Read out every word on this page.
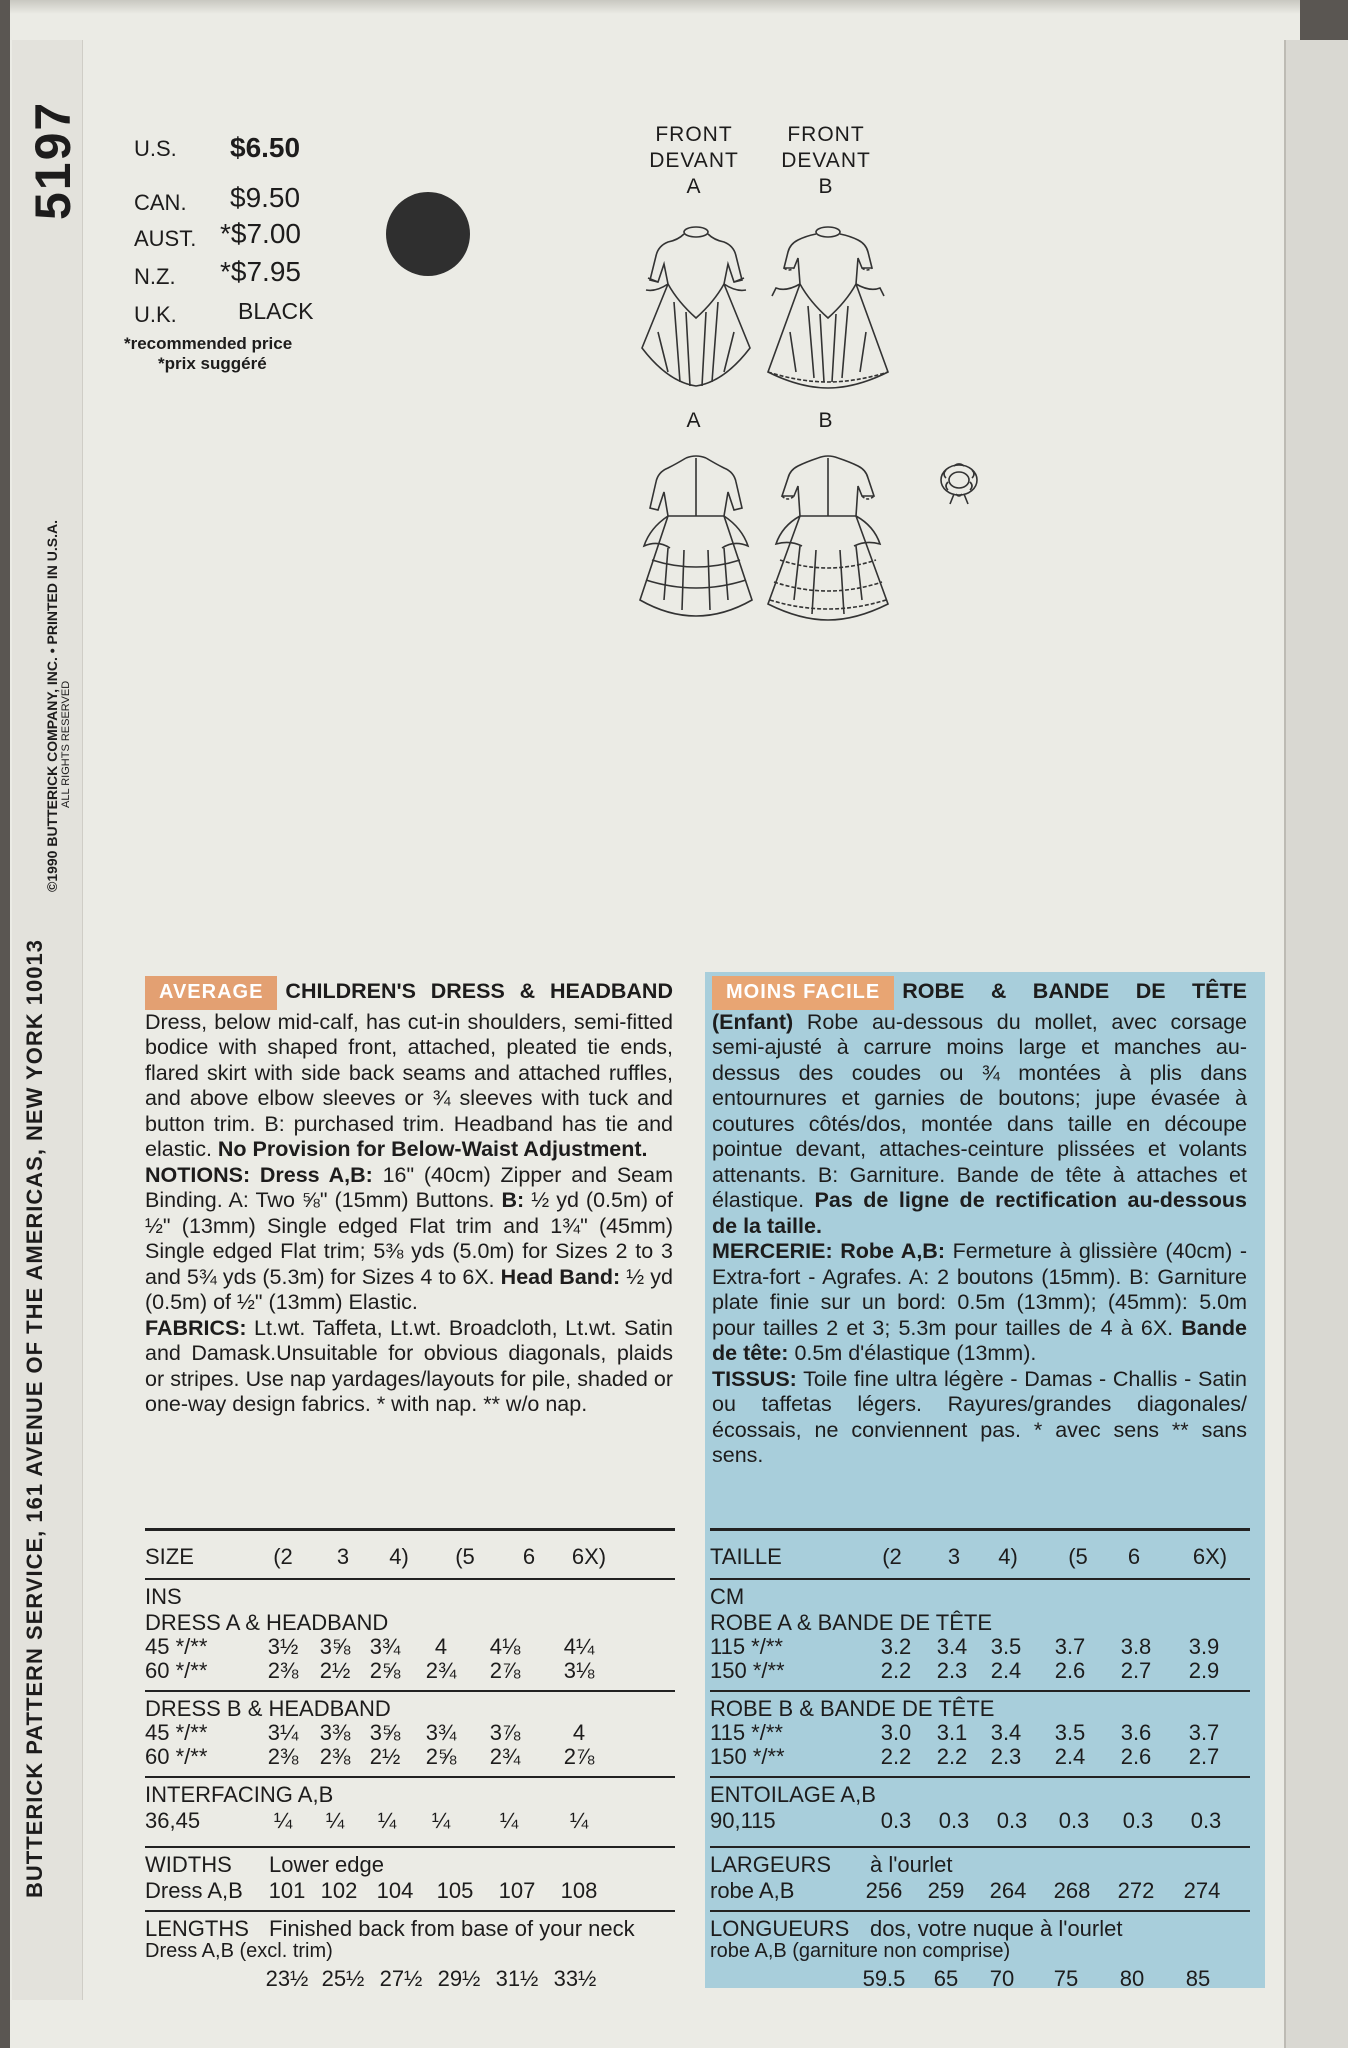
5197
BUTTERICK PATTERN SERVICE, 161 AVENUE OF THE AMERICAS, NEW YORK 10013
©1990 BUTTERICK COMPANY, INC. • PRINTED IN U.S.A. ALL RIGHTS RESERVED
U.S. $6.50
CAN. $9.50
AUST. *$7.00
N.Z. *$7.95
U.K.	BLACK
*recommended price
*prix suggéré
FRONT
DEVANT
A
FRONT
DEVANT
B
A	B
AVERAGE CHILDREN'S DRESS & HEADBAND Dress, below mid-calf, has cut-in shoulders, semi-fitted bodice with shaped front, attached, pleated tie ends, flared skirt with side back seams and attached ruffles, and above elbow sleeves or ¾ sleeves with tuck and button trim. B: purchased trim. Headband has tie and elastic. No Provision for Below-Waist Adjustment.
NOTIONS: Dress A,B: 16" (40cm) Zipper and Seam Binding. A: Two ⅝" (15mm) Buttons. B: ½ yd (0.5m) of ½" (13mm) Single edged Flat trim and 1¾" (45mm) Single edged Flat trim; 5⅜ yds (5.0m) for Sizes 2 to 3 and 5¾ yds (5.3m) for Sizes 4 to 6X. Head Band: ½ yd (0.5m) of ½" (13mm) Elastic.
FABRICS: Lt.wt. Taffeta, Lt.wt. Broadcloth, Lt.wt. Satin and Damask.Unsuitable for obvious diagonals, plaids or stripes. Use nap yardages/layouts for pile, shaded or one-way design fabrics. * with nap. ** w/o nap.
MOINS FACILE ROBE & BANDE DE TÊTE (Enfant) Robe au-dessous du mollet, avec corsage semi-ajusté à carrure moins large et manches au-dessus des coudes ou ¾ montées à plis dans entournures et garnies de boutons; jupe évasée à coutures côtés/dos, montée dans taille en découpe pointue devant, attaches-ceinture plissées et volants attenants. B: Garniture. Bande de tête à attaches et élastique. Pas de ligne de rectification au-dessous de la taille.
MERCERIE: Robe A,B: Fermeture à glissière (40cm) - Extra-fort - Agrafes. A: 2 boutons (15mm). B: Garniture plate finie sur un bord: 0.5m (13mm); (45mm): 5.0m pour tailles 2 et 3; 5.3m pour tailles de 4 à 6X. Bande de tête: 0.5m d'élastique (13mm).
TISSUS: Toile fine ultra légère - Damas - Challis - Satin ou taffetas légers. Rayures/grandes diagonales/écossais, ne conviennent pas. * avec sens ** sans sens.
SIZE	(2	3	4)	(5	6	6X)
INS
DRESS A & HEADBAND
45 */**	3½ 3⅝ 3¾	4	4⅛	4¼
60 */**	2⅜ 2½ 2⅝	2¾	2⅞	3⅛
DRESS B & HEADBAND
45 */**	3¼ 3⅜ 3⅝	3¾	3⅞	4
60 */**	2⅜ 2⅜ 2½	2⅝	2¾	2⅞
INTERFACING A,B
36,45	¼	¼	¼	¼	¼	¼
WIDTHS Lower edge
Dress A,B	101 102 104	105	107	108
LENGTHS Finished back from base of your neck
Dress A,B (excl. trim)
23½ 25½ 27½ 29½ 31½ 33½
TAILLE	(2	3	4)	(5	6	6X)
CM
ROBE A & BANDE DE TÊTE
115 */**	3.2	3.4	3.5	3.7	3.8	3.9
150 */**	2.2	2.3	2.4	2.6	2.7	2.9
ROBE B & BANDE DE TÊTE
115 */**	3.0	3.1	3.4	3.5	3.6	3.7
150 */**	2.2	2.2	2.3	2.4	2.6	2.7
ENTOILAGE A,B
90,115	0.3	0.3	0.3	0.3	0.3	0.3
LARGEURS à l'ourlet
robe A,B	256	259	264	268	272	274
LONGUEURS dos, votre nuque à l'ourlet
robe A,B (garniture non comprise)
59.5	65	70	75	80	85
